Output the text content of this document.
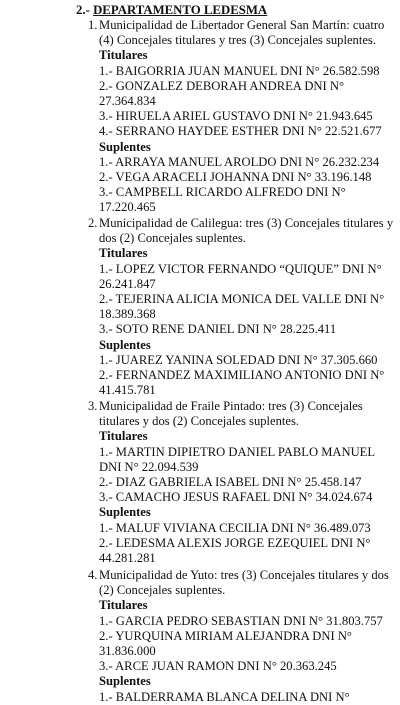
2.- DEPARTAMENTO LEDESMA
1. Municipalidad de Libertador General San Martín: cuatro (4) Concejales titulares y tres (3) Concejales suplentes.
Titulares
1.- BAIGORRIA JUAN MANUEL DNI N° 26.582.598
2.- GONZALEZ DEBORAH ANDREA DNI N° 27.364.834
3.- HIRUELA ARIEL GUSTAVO DNI N° 21.943.645
4.- SERRANO HAYDEE ESTHER DNI N° 22.521.677
Suplentes
1.- ARRAYA MANUEL AROLDO DNI N° 26.232.234
2.- VEGA ARACELI JOHANNA DNI N° 33.196.148
3.- CAMPBELL RICARDO ALFREDO DNI N° 17.220.465
2. Municipalidad de Calilegua: tres (3) Concejales titulares y dos (2) Concejales suplentes.
Titulares
1.- LOPEZ VICTOR FERNANDO “QUIQUE” DNI N° 26.241.847
2.- TEJERINA ALICIA MONICA DEL VALLE DNI N° 18.389.368
3.- SOTO RENE DANIEL DNI N° 28.225.411
Suplentes
1.- JUAREZ YANINA SOLEDAD DNI N° 37.305.660
2.- FERNANDEZ MAXIMILIANO ANTONIO DNI N° 41.415.781
3. Municipalidad de Fraile Pintado: tres (3) Concejales titulares y dos (2) Concejales suplentes.
Titulares
1.- MARTIN DIPIETRO DANIEL PABLO MANUEL DNI N° 22.094.539
2.- DIAZ GABRIELA ISABEL DNI N° 25.458.147
3.- CAMACHO JESUS RAFAEL DNI N° 34.024.674
Suplentes
1.- MALUF VIVIANA CECILIA DNI N° 36.489.073
2.- LEDESMA ALEXIS JORGE EZEQUIEL DNI N° 44.281.281
4. Municipalidad de Yuto: tres (3) Concejales titulares y dos (2) Concejales suplentes.
Titulares
1.- GARCIA PEDRO SEBASTIAN DNI N° 31.803.757
2.- YURQUINA MIRIAM ALEJANDRA DNI N° 31.836.000
3.- ARCE JUAN RAMON DNI N° 20.363.245
Suplentes
1.- BALDERRAMA BLANCA DELINA DNI N°
